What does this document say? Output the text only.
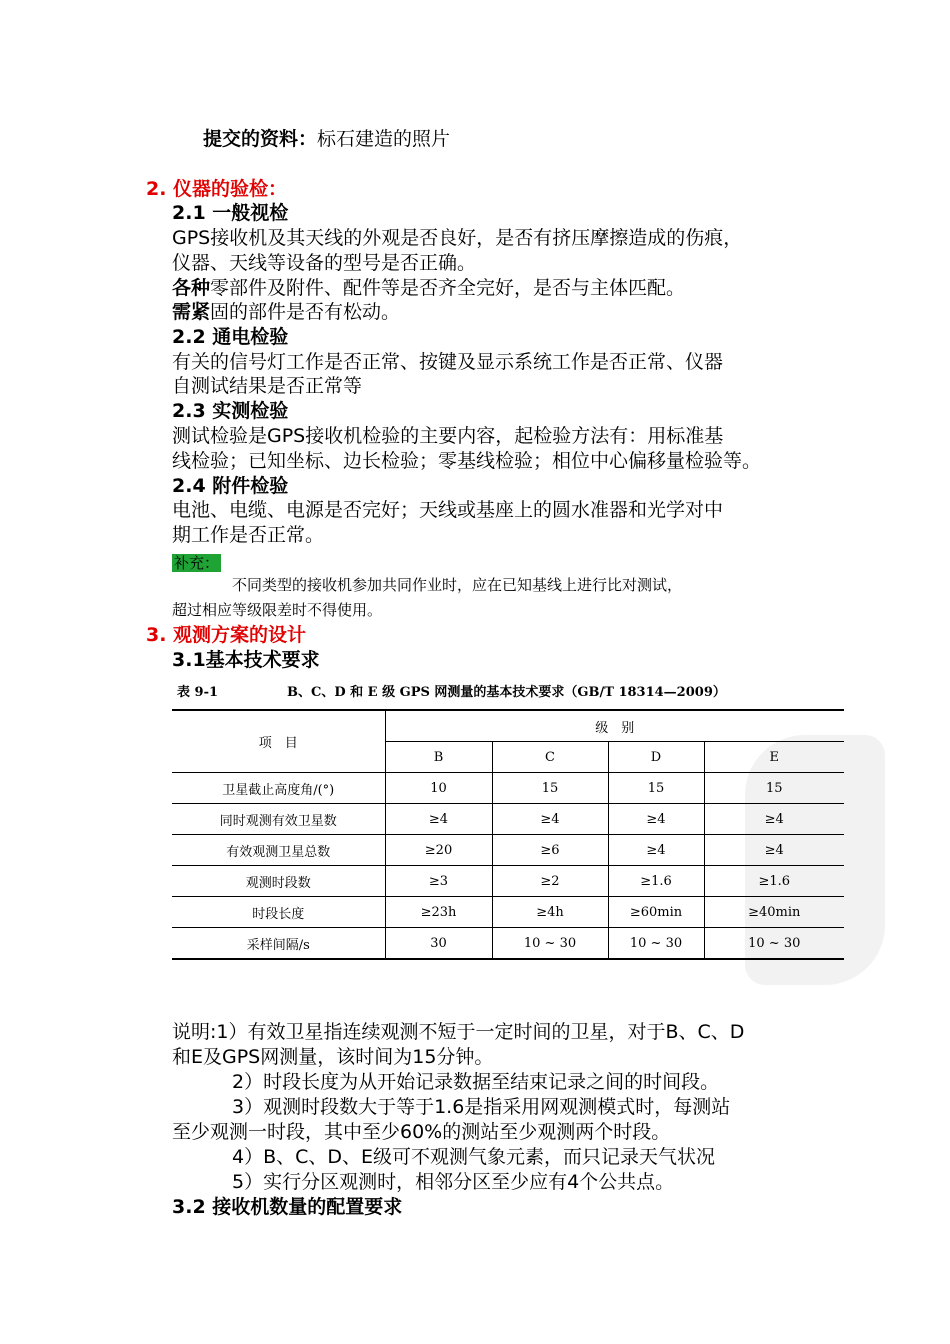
提交的资料：标石建造的照片
2. 仪器的验检：
2.1 一般视检
GPS接收机及其天线的外观是否良好，是否有挤压摩擦造成的伤痕，
仪器、天线等设备的型号是否正确。
各种零部件及附件、配件等是否齐全完好，是否与主体匹配。
需紧固的部件是否有松动。
2.2 通电检验
有关的信号灯工作是否正常、按键及显示系统工作是否正常、仪器
自测试结果是否正常等
2.3 实测检验
测试检验是GPS接收机检验的主要内容，起检验方法有：用标准基
线检验；已知坐标、边长检验；零基线检验；相位中心偏移量检验等。
2.4 附件检验
电池、电缆、电源是否完好；天线或基座上的圆水准器和光学对中
期工作是否正常。
补充：
不同类型的接收机参加共同作业时，应在已知基线上进行比对测试，
超过相应等级限差时不得使用。
3. 观测方案的设计
3.1基本技术要求
表 9-1	B、C、D 和 E 级 GPS 网测量的基本技术要求（GB/T 18314—2009）
项　目	级　别			
	B	C	D	E
卫星截止高度角/(°)	10	15	15	15
同时观测有效卫星数	≥4	≥4	≥4	≥4
有效观测卫星总数	≥20	≥6	≥4	≥4
观测时段数	≥3	≥2	≥1.6	≥1.6
时段长度	≥23h	≥4h	≥60min	≥40min
采样间隔/s	30	10 ~ 30	10 ~ 30	10 ~ 30
说明:1）有效卫星指连续观测不短于一定时间的卫星，对于B、C、D
和E及GPS网测量，该时间为15分钟。
2）时段长度为从开始记录数据至结束记录之间的时间段。
3）观测时段数大于等于1.6是指采用网观测模式时，每测站
至少观测一时段，其中至少60%的测站至少观测两个时段。
4）B、C、D、E级可不观测气象元素，而只记录天气状况
5）实行分区观测时，相邻分区至少应有4个公共点。
3.2 接收机数量的配置要求
